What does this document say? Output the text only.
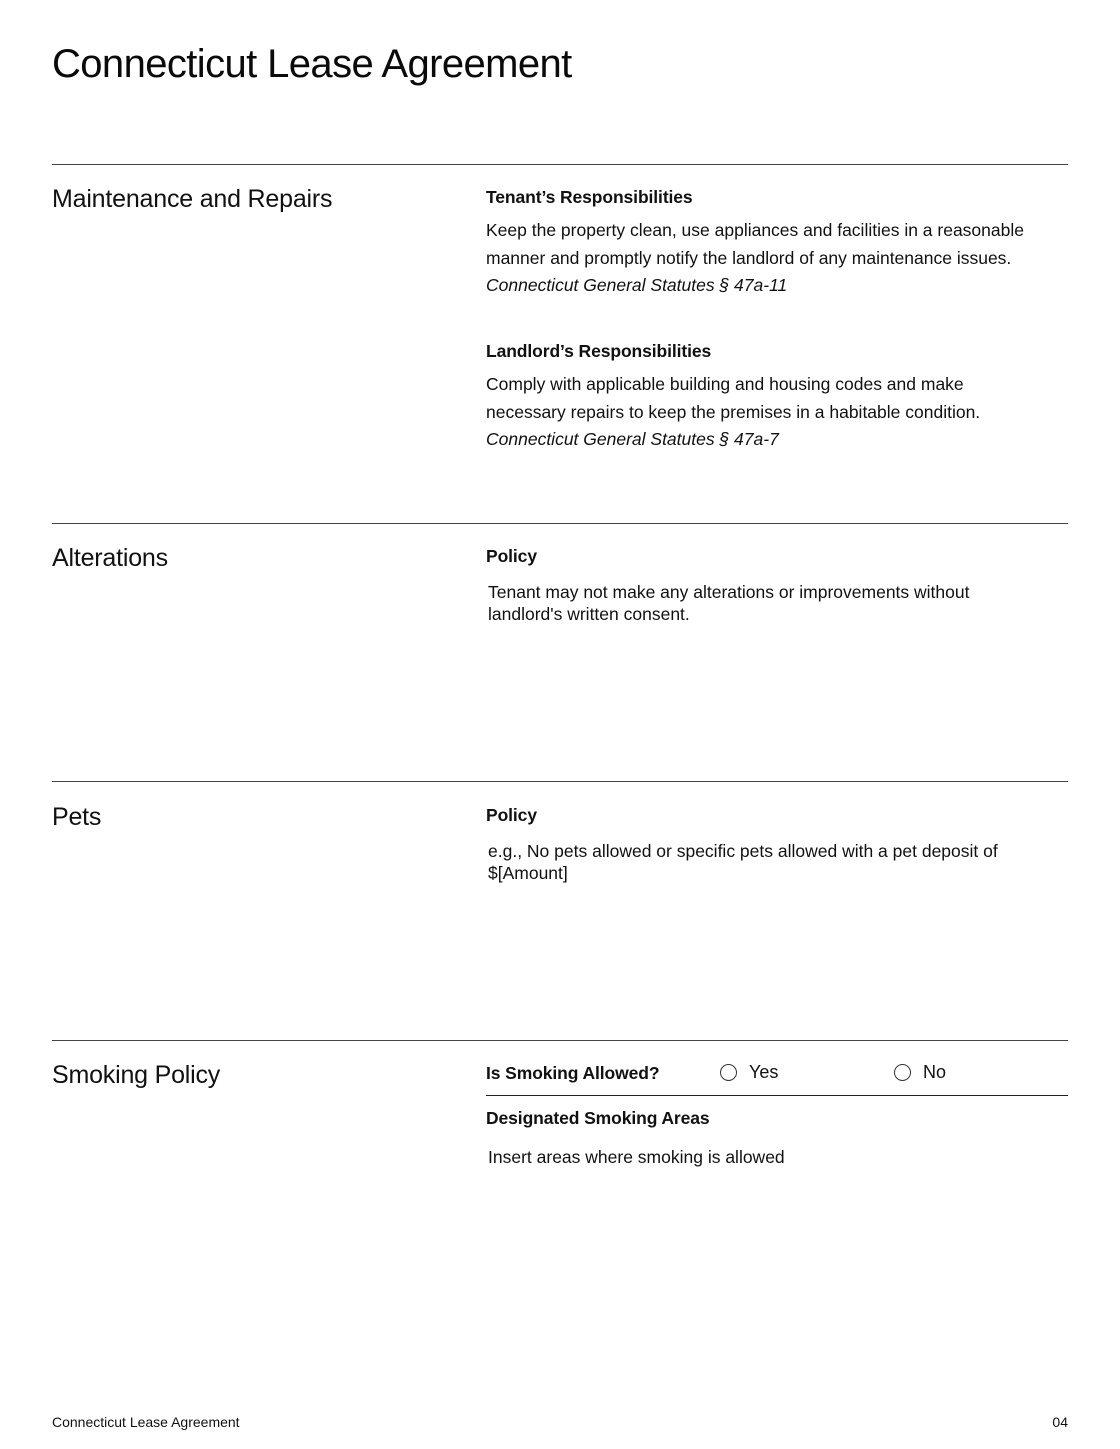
Connecticut Lease Agreement
Maintenance and Repairs	Tenant’s Responsibilities
Keep the property clean, use appliances and facilities in a reasonable manner and promptly notify the landlord of any maintenance issues.
Connecticut General Statutes § 47a-11
Landlord’s Responsibilities
Comply with applicable building and housing codes and make necessary repairs to keep the premises in a habitable condition.
Connecticut General Statutes § 47a-7
Alterations	Policy
Tenant may not make any alterations or improvements without landlord's written consent.
Pets	Policy
e.g., No pets allowed or specific pets allowed with a pet deposit of $[Amount]
Smoking Policy	Is Smoking Allowed?	Yes	No
Designated Smoking Areas
Insert areas where smoking is allowed
Connecticut Lease Agreement	04
